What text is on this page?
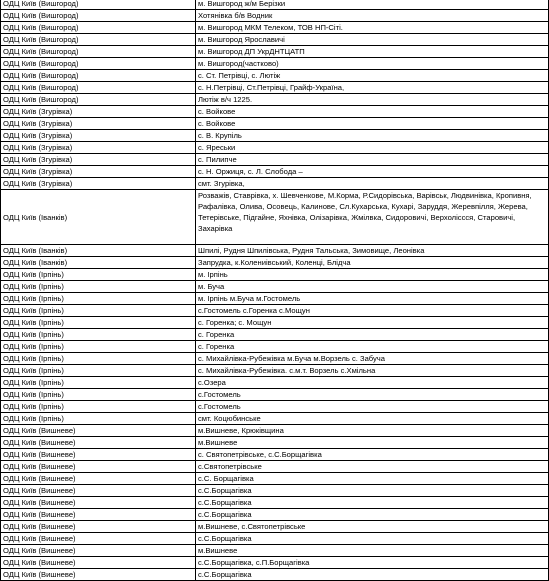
ОДЦ Київ (Вишгород)	м. Вишгород ж/м Берізки
ОДЦ Київ (Вишгород)	Хотянівка б/в Водник
ОДЦ Київ (Вишгород)	м. Вишгород МКМ Телеком, ТОВ НП-Сіті.
ОДЦ Київ (Вишгород)	м. Вишгород Ярославичі
ОДЦ Київ (Вишгород)	м. Вишгород ДП УкрДНТЦАТП
ОДЦ Київ (Вишгород)	м. Вишгород(частково)
ОДЦ Київ (Вишгород)	с. Ст. Петрівці, с. Лютіж
ОДЦ Київ (Вишгород)	с. Н.Петрівці, Ст.Петрівці, Грайф-Україна,
ОДЦ Київ (Вишгород)	Лютіж в/ч 1225.
ОДЦ Київ (Згурівка)	с. Войкове
ОДЦ Київ (Згурівка)	с. Войкове
ОДЦ Київ (Згурівка)	с. В. Крупіль
ОДЦ Київ (Згурівка)	с. Яреськи
ОДЦ Київ (Згурівка)	с. Пилипче
ОДЦ Київ (Згурівка)	с. Н. Оржиця, с. Л. Слобода –
ОДЦ Київ (Згурівка)	смт. Згурівка,
ОДЦ Київ (Іванків)	Розважів, Ставрівка, х. Шевченкове, М.Корма, Р.Сидорівська, Варівськ, Людвинівка, Кропивня, Рафалівка, Олива, Осовець, Калинове, Сл.Кухарська, Кухарі, Заруддя, Жеревпілля, Жерева, Тетерівське, Підгайне, Яхнівка, Олізарівка, Жмілвка, Сидоровичі, Верхоліссся, Старовичі, Захарівка
ОДЦ Київ (Іванків)	Шпилі, Рудня Шпилівська, Рудня Тальська, Зимовище, Леонівка
ОДЦ Київ (Іванків)	Запрудка, к.Колениівський, Коленці, Блідча
ОДЦ Київ (Ірпінь)	м. Ірпінь
ОДЦ Київ (Ірпінь)	м. Буча
ОДЦ Київ (Ірпінь)	м. Ірпінь м.Буча м.Гостомель
ОДЦ Київ (Ірпінь)	с.Гостомель с.Горенка с.Мощун
ОДЦ Київ (Ірпінь)	с. Горенка; с. Мощун
ОДЦ Київ (Ірпінь)	с. Горенка
ОДЦ Київ (Ірпінь)	с. Горенка
ОДЦ Київ (Ірпінь)	с. Михайлівка-Рубежівка м.Буча м.Ворзель с. Забуча
ОДЦ Київ (Ірпінь)	с. Михайлівка-Рубежівка. с.м.т. Ворзель с.Хмільна
ОДЦ Київ (Ірпінь)	с.Озера
ОДЦ Київ (Ірпінь)	с.Гостомель
ОДЦ Київ (Ірпінь)	с.Гостомель
ОДЦ Київ (Ірпінь)	смт. Коцюбинське
ОДЦ Київ (Вишневе)	м.Вишневе, Крюківщина
ОДЦ Київ (Вишневе)	м.Вишневе
ОДЦ Київ (Вишневе)	с. Святопетрівське, с.С.Борщагівка
ОДЦ Київ (Вишневе)	с.Святопетрівське
ОДЦ Київ (Вишневе)	с.С. Борщагівка
ОДЦ Київ (Вишневе)	с.С.Борщагівка
ОДЦ Київ (Вишневе)	с.С.Борщагівка
ОДЦ Київ (Вишневе)	с.С.Борщагівка
ОДЦ Київ (Вишневе)	м.Вишневе, с.Святопетрівське
ОДЦ Київ (Вишневе)	с.С.Борщагівка
ОДЦ Київ (Вишневе)	м.Вишневе
ОДЦ Київ (Вишневе)	с.С.Борщагівка, с.П.Борщагівка
ОДЦ Київ (Вишневе)	с.С.Борщагівка
